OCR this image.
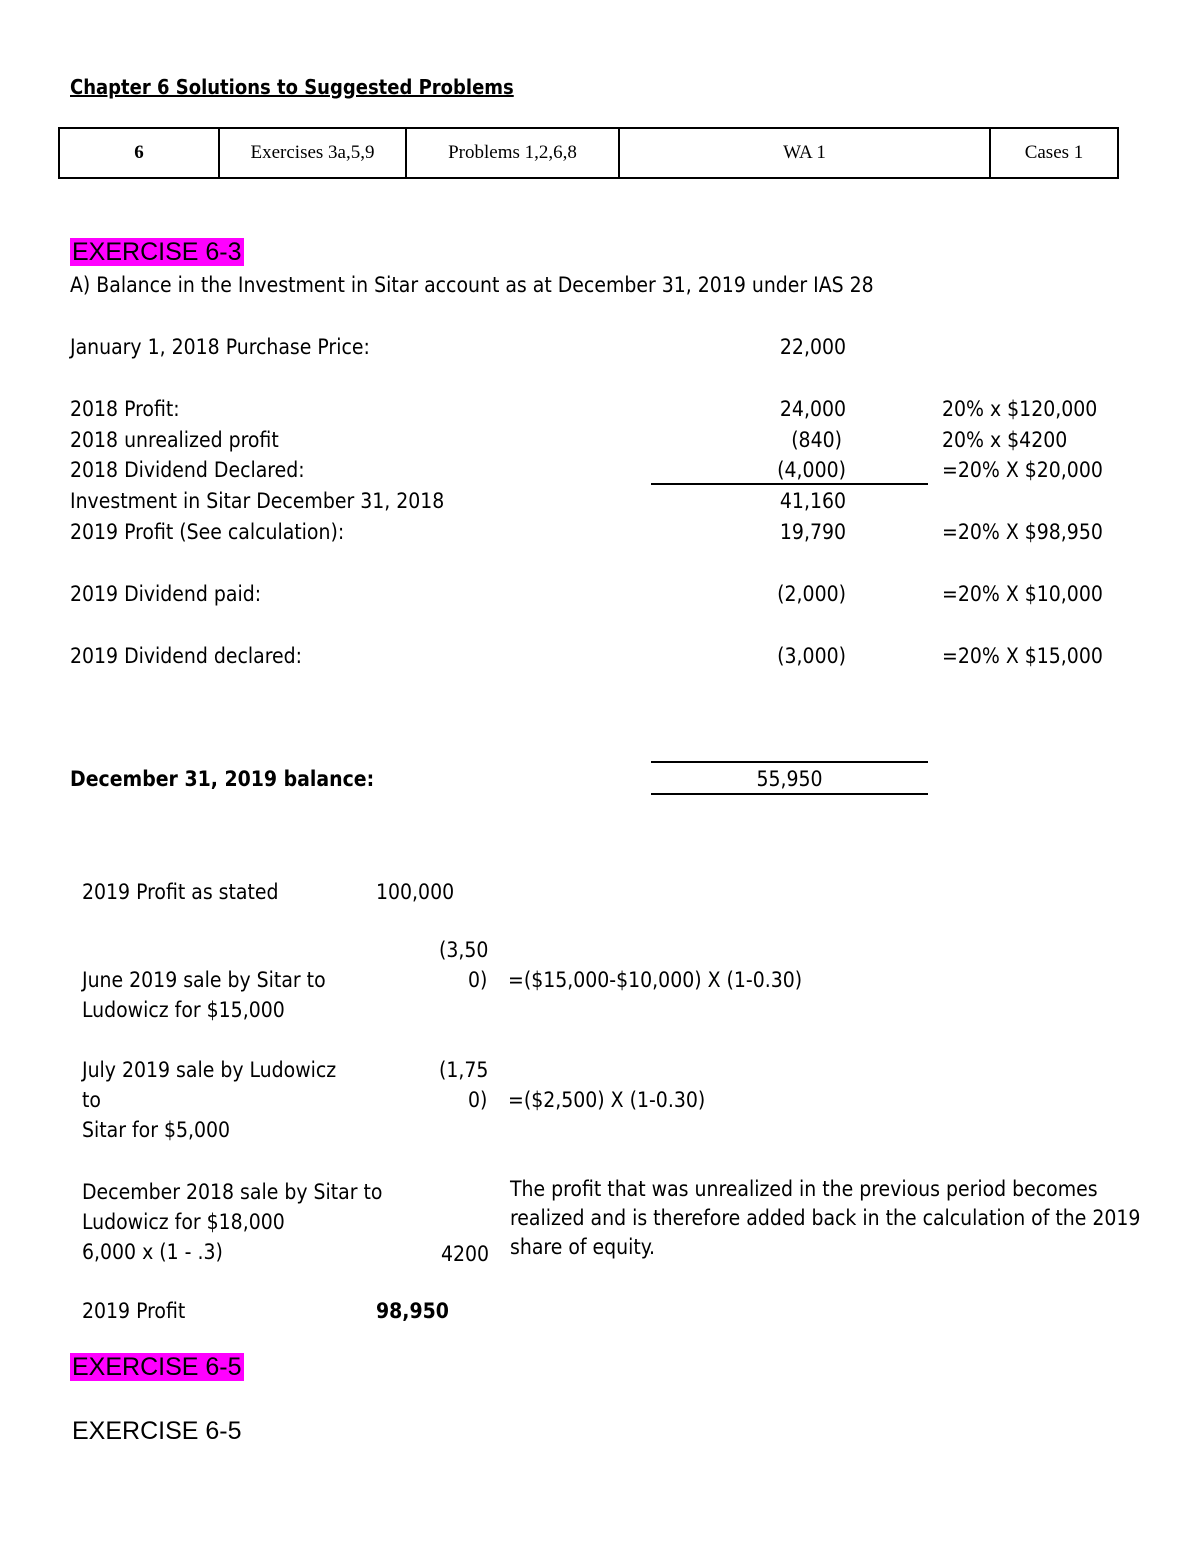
Chapter 6 Solutions to Suggested Problems
6	Exercises 3a,5,9	Problems 1,2,6,8	WA 1	Cases 1
EXERCISE 6-3
A) Balance in the Investment in Sitar account as at December 31, 2019 under IAS 28
January 1, 2018 Purchase Price:	22,000
2018 Profit:	24,000	20% x $120,000
2018 unrealized profit	(840)	20% x $4200
2018 Dividend Declared:	(4,000)	=20% X $20,000
Investment in Sitar December 31, 2018	41,160
2019 Profit (See calculation):	19,790	=20% X $98,950
2019 Dividend paid:	(2,000)	=20% X $10,000
2019 Dividend declared:	(3,000)	=20% X $15,000
December 31, 2019 balance:	55,950
2019 Profit as stated	100,000
(3,50
June 2019 sale by Sitar to	0) =($15,000-$10,000) X (1-0.30)
Ludowicz for $15,000
July 2019 sale by Ludowicz	(1,75
to	0) =($2,500) X (1-0.30)
Sitar for $5,000
December 2018 sale by Sitar to
Ludowicz for $18,000
6,000 x (1 - .3)	4200
The profit that was unrealized in the previous period becomes realized and is therefore added back in the calculation of the 2019 share of equity.
2019 Profit	98,950
EXERCISE 6-5
EXERCISE 6-5
